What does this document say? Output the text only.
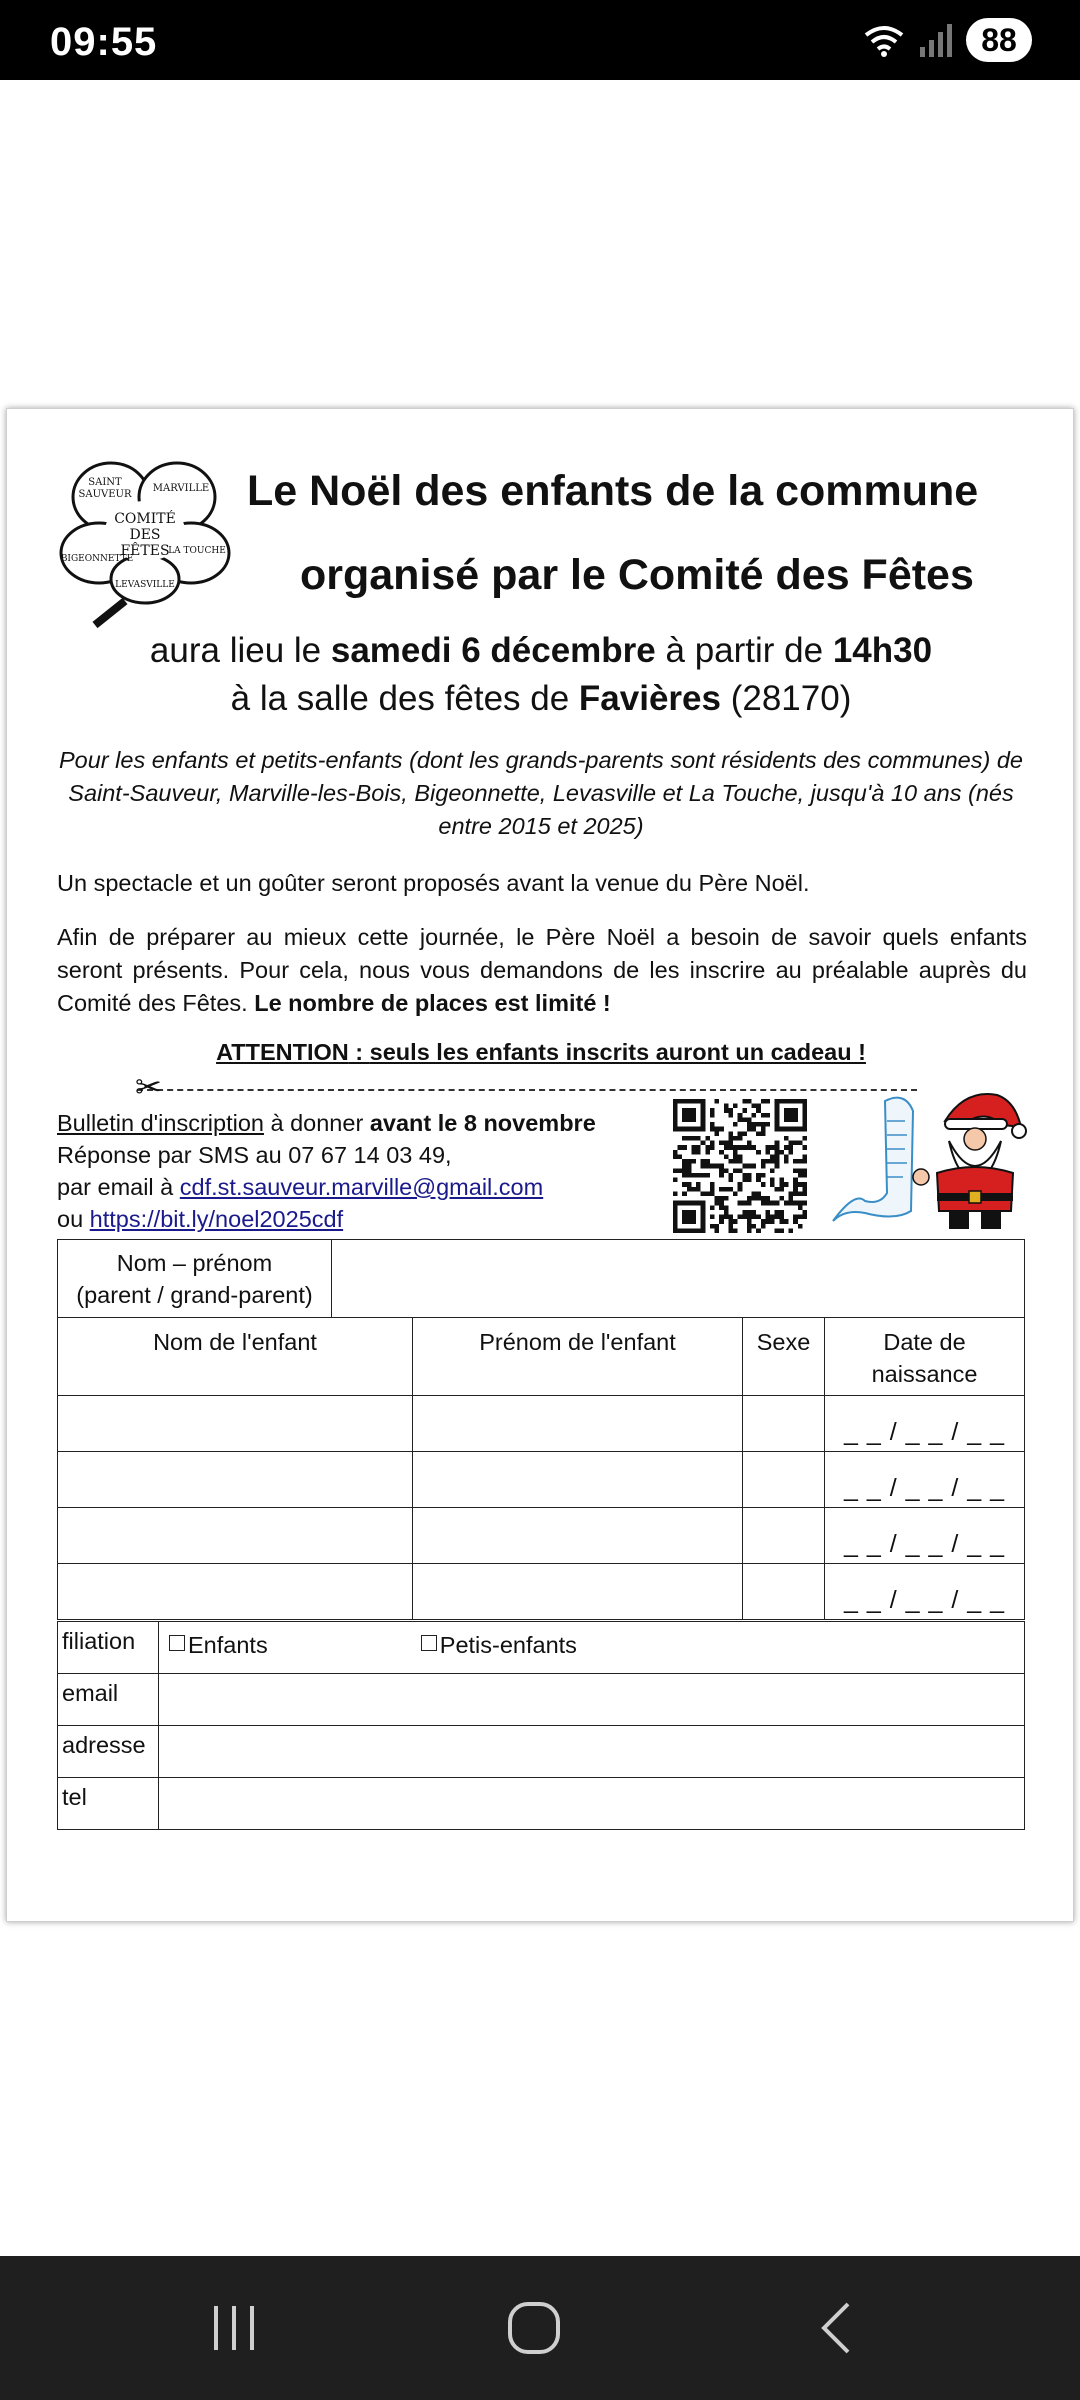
09:55	88
SAINT
SAUVEUR
MARVILLE
COMITÉ
DES
FÊTES
BIGEONNETTE
LA TOUCHE
LEVASVILLE
Le Noël des enfants de la commune
organisé par le Comité des Fêtes
aura lieu le samedi 6 décembre à partir de 14h30
à la salle des fêtes de Favières (28170)
Pour les enfants et petits-enfants (dont les grands-parents sont résidents des communes) de Saint-Sauveur, Marville-les-Bois, Bigeonnette, Levasville et La Touche, jusqu'à 10 ans (nés entre 2015 et 2025)
Un spectacle et un goûter seront proposés avant la venue du Père Noël.
Afin de préparer au mieux cette journée, le Père Noël a besoin de savoir quels enfants seront présents. Pour cela, nous vous demandons de les inscrire au préalable auprès du Comité des Fêtes. Le nombre de places est limité !
ATTENTION : seuls les enfants inscrits auront un cadeau !
✂
Bulletin d'inscription à donner avant le 8 novembre
Réponse par SMS au 07 67 14 03 49,
par email à cdf.st.sauveur.marville@gmail.com
ou https://bit.ly/noel2025cdf
Nom – prénom
(parent / grand-parent)

Nom de l'enfant	Prénom de l'enfant	Sexe	Date de
naissance

			_ _ / _ _ / _ _
			_ _ / _ _ / _ _
			_ _ / _ _ / _ _
			_ _ / _ _ / _ _
filiation	Enfants Petis-enfants
email	
adresse	
tel	
